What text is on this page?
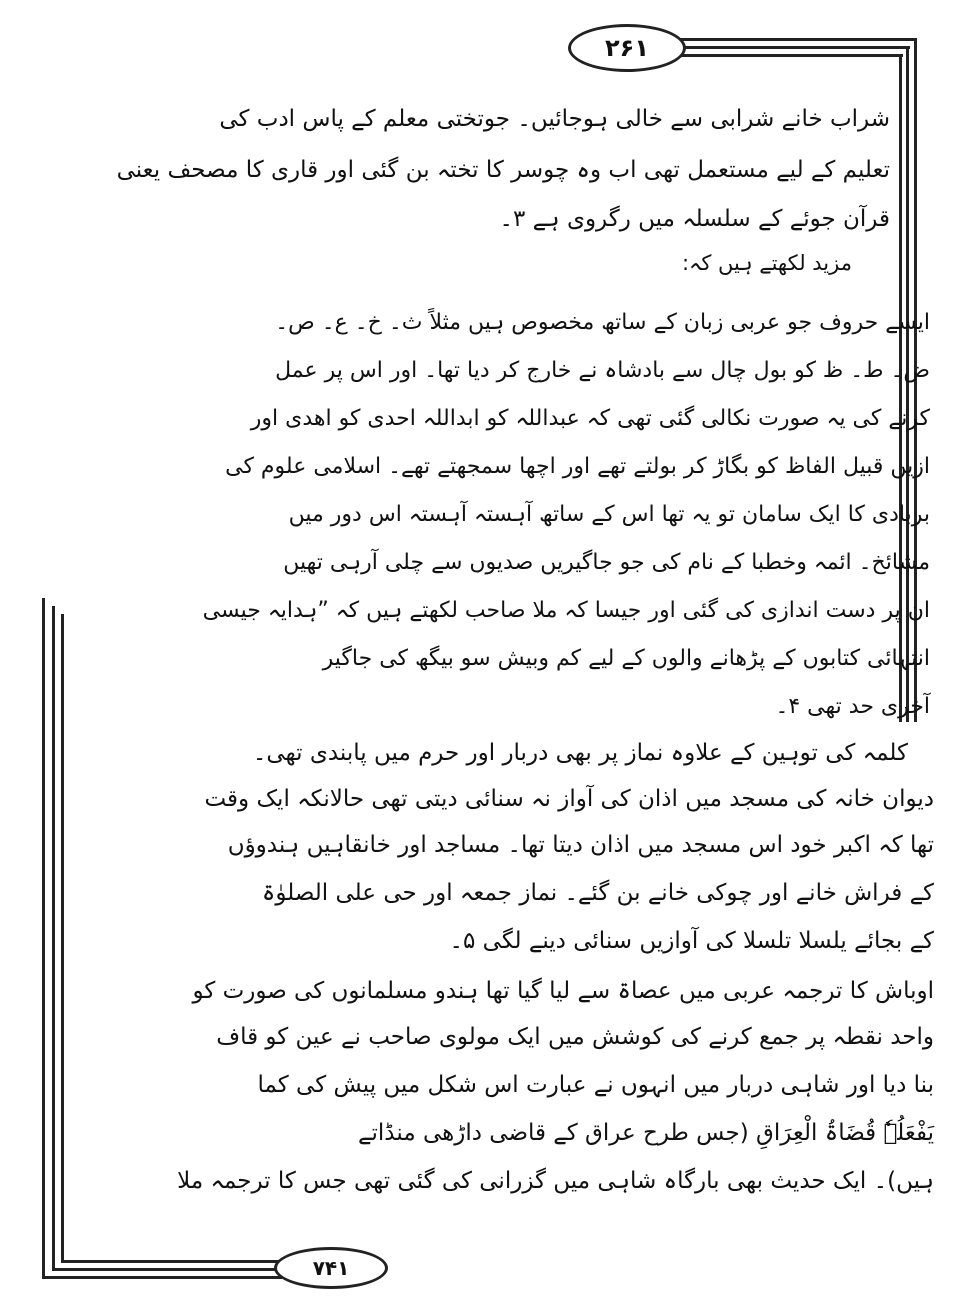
۲۶۱
۷۴۱
شراب خانے شرابی سے خالی ہوجائیں۔ جوتختی معلم کے پاس ادب کی
تعلیم کے لیے مستعمل تھی اب وہ چوسر کا تختہ بن گئی اور قاری کا مصحف یعنی
قرآن جوئے کے سلسلہ میں رگروی ہے ۳۔
مزید لکھتے ہیں کہ:
ایسے حروف جو عربی زبان کے ساتھ مخصوص ہیں مثلاً ث۔ خ۔ ع۔ ص۔
ض۔ ط۔ ظ کو بول چال سے بادشاہ نے خارج کر دیا تھا۔ اور اس پر عمل
کرنے کی یہ صورت نکالی گئی تھی کہ عبداللہ کو ابداللہ احدی کو اھدی اور
ازیں قبیل الفاظ کو بگاڑ کر بولتے تھے اور اچھا سمجھتے تھے۔ اسلامی علوم کی
بربادی کا ایک سامان تو یہ تھا اس کے ساتھ آہستہ آہستہ اس دور میں
مشائخ۔ ائمہ وخطبا کے نام کی جو جاگیریں صدیوں سے چلی آرہی تھیں
ان پر دست اندازی کی گئی اور جیسا کہ ملا صاحب لکھتے ہیں کہ ”ہدایہ جیسی
انتہائی کتابوں کے پڑھانے والوں کے لیے کم وبیش سو بیگھ کی جاگیر
آخری حد تھی ۴۔
کلمہ کی توہین کے علاوہ نماز پر بھی دربار اور حرم میں پابندی تھی۔
دیوان خانہ کی مسجد میں اذان کی آواز نہ سنائی دیتی تھی حالانکہ ایک وقت
تھا کہ اکبر خود اس مسجد میں اذان دیتا تھا۔ مساجد اور خانقاہیں ہندوؤں
کے فراش خانے اور چوکی خانے بن گئے۔ نماز جمعہ اور حی علی الصلوٰۃ
کے بجائے یلسلا تلسلا کی آوازیں سنائی دینے لگی ۵۔
اوباش کا ترجمہ عربی میں عصاۃ سے لیا گیا تھا ہندو مسلمانوں کی صورت کو
واحد نقطہ پر جمع کرنے کی کوشش میں ایک مولوی صاحب نے عین کو قاف
بنا دیا اور شاہی دربار میں انہوں نے عبارت اس شکل میں پیش کی کما
یَفْعَلُہٗ قُضَاۃُ الْعِرَاقِ (جس طرح عراق کے قاضی داڑھی منڈاتے
ہیں)۔ ایک حدیث بھی بارگاہ شاہی میں گزرانی کی گئی تھی جس کا ترجمہ ملا
